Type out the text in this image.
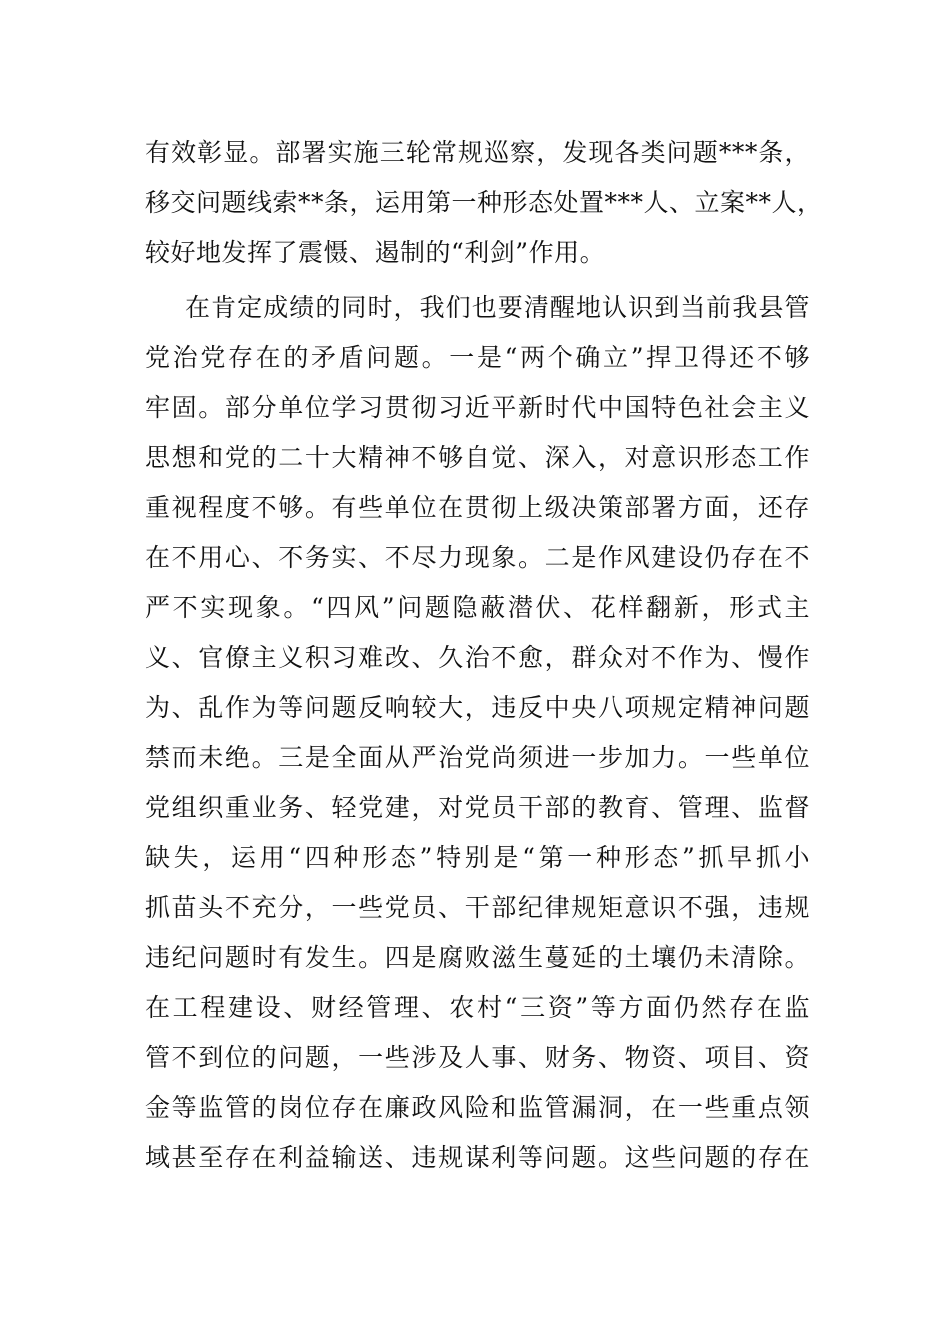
有效彰显。部署实施三轮常规巡察，发现各类问题***条，
移交问题线索**条，运用第一种形态处置***人、立案**人，
较好地发挥了震慑、遏制的“利剑”作用。
在肯定成绩的同时，我们也要清醒地认识到当前我县管
党治党存在的矛盾问题。一是“两个确立”捍卫得还不够
牢固。部分单位学习贯彻习近平新时代中国特色社会主义
思想和党的二十大精神不够自觉、深入，对意识形态工作
重视程度不够。有些单位在贯彻上级决策部署方面，还存
在不用心、不务实、不尽力现象。二是作风建设仍存在不
严不实现象。“四风”问题隐蔽潜伏、花样翻新，形式主
义、官僚主义积习难改、久治不愈，群众对不作为、慢作
为、乱作为等问题反响较大，违反中央八项规定精神问题
禁而未绝。三是全面从严治党尚须进一步加力。一些单位
党组织重业务、轻党建，对党员干部的教育、管理、监督
缺失，运用“四种形态”特别是“第一种形态”抓早抓小
抓苗头不充分，一些党员、干部纪律规矩意识不强，违规
违纪问题时有发生。四是腐败滋生蔓延的土壤仍未清除。
在工程建设、财经管理、农村“三资”等方面仍然存在监
管不到位的问题，一些涉及人事、财务、物资、项目、资
金等监管的岗位存在廉政风险和监管漏洞，在一些重点领
域甚至存在利益输送、违规谋利等问题。这些问题的存在
